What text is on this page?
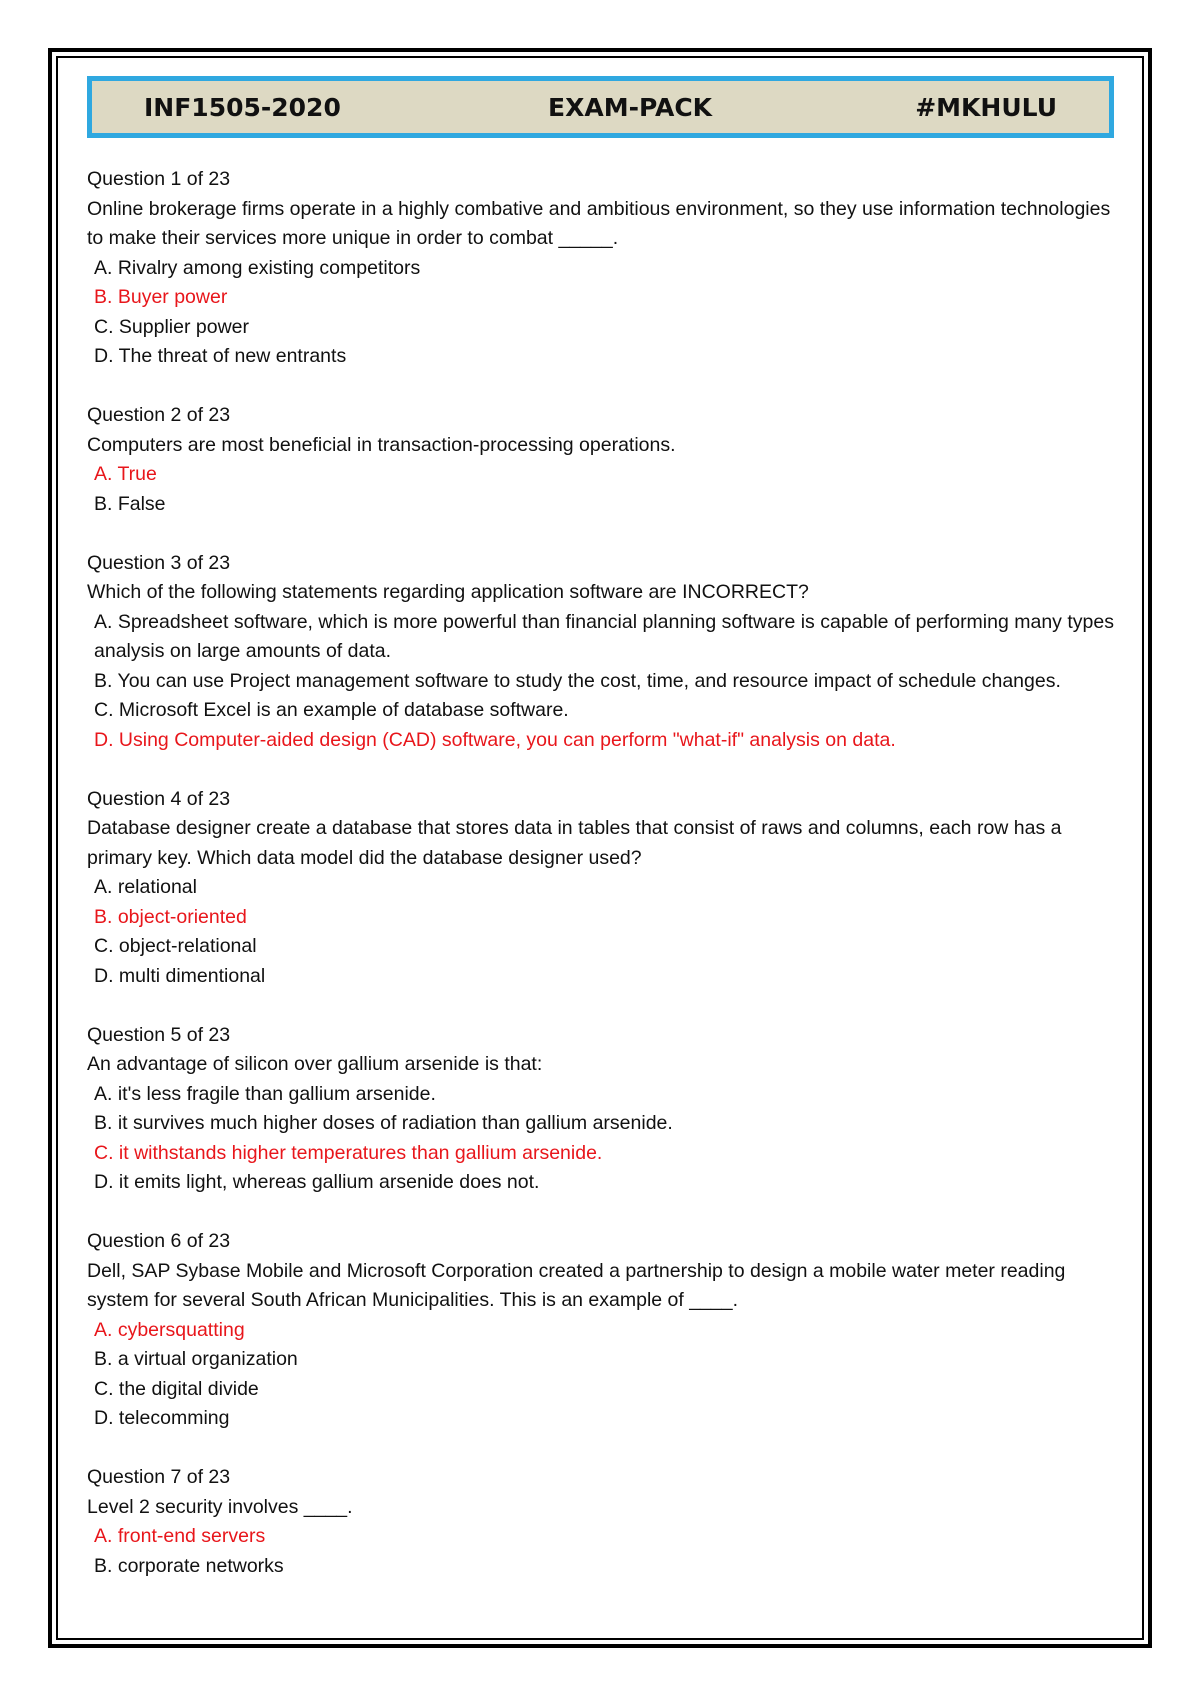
INF1505-2020	EXAM-PACK	#MKHULU
Question 1 of 23
Online brokerage firms operate in a highly combative and ambitious environment, so they use information technologies to make their services more unique in order to combat _____.
A. Rivalry among existing competitors
B. Buyer power
C. Supplier power
D. The threat of new entrants
Question 2 of 23
Computers are most beneficial in transaction-processing operations.
A. True
B. False
Question 3 of 23
Which of the following statements regarding application software are INCORRECT?
A. Spreadsheet software, which is more powerful than financial planning software is capable of performing many types analysis on large amounts of data.
B. You can use Project management software to study the cost, time, and resource impact of schedule changes.
C. Microsoft Excel is an example of database software.
D. Using Computer-aided design (CAD) software, you can perform "what-if" analysis on data.
Question 4 of 23
Database designer create a database that stores data in tables that consist of raws and columns, each row has a primary key. Which data model did the database designer used?
A. relational
B. object-oriented
C. object-relational
D. multi dimentional
Question 5 of 23
An advantage of silicon over gallium arsenide is that:
A. it's less fragile than gallium arsenide.
B. it survives much higher doses of radiation than gallium arsenide.
C. it withstands higher temperatures than gallium arsenide.
D. it emits light, whereas gallium arsenide does not.
Question 6 of 23
Dell, SAP Sybase Mobile and Microsoft Corporation created a partnership to design a mobile water meter reading system for several South African Municipalities. This is an example of ____.
A. cybersquatting
B. a virtual organization
C. the digital divide
D. telecomming
Question 7 of 23
Level 2 security involves ____.
A. front-end servers
B. corporate networks
